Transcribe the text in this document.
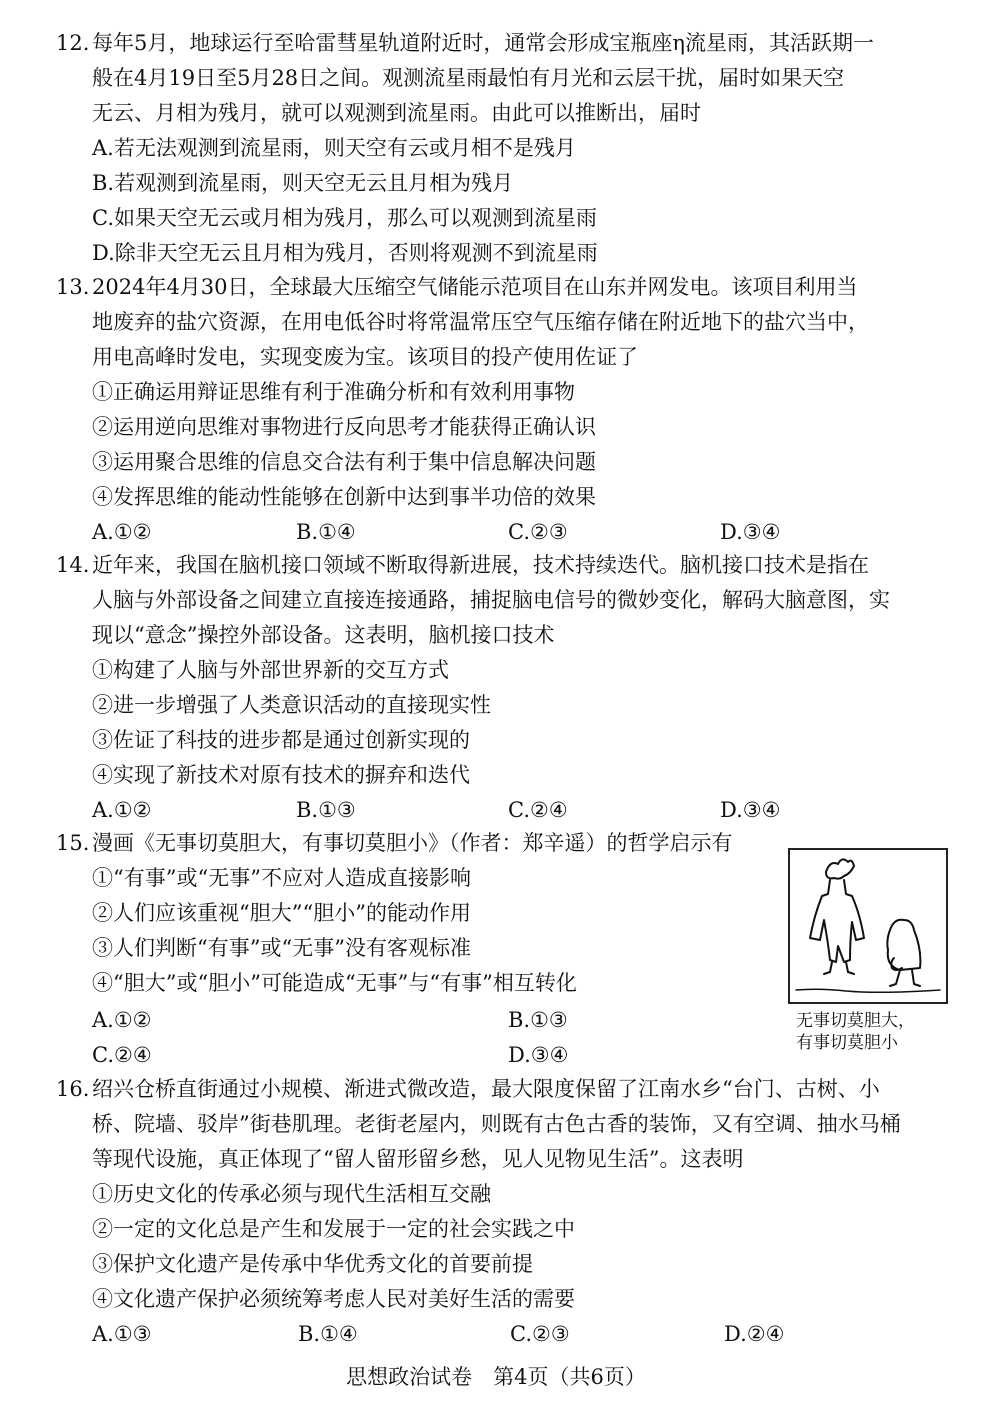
12. 每年5月，地球运行至哈雷彗星轨道附近时，通常会形成宝瓶座η流星雨，其活跃期一
般在4月19日至5月28日之间。观测流星雨最怕有月光和云层干扰，届时如果天空
无云、月相为残月，就可以观测到流星雨。由此可以推断出，届时
A.若无法观测到流星雨，则天空有云或月相不是残月
B.若观测到流星雨，则天空无云且月相为残月
C.如果天空无云或月相为残月，那么可以观测到流星雨
D.除非天空无云且月相为残月，否则将观测不到流星雨
13. 2024年4月30日，全球最大压缩空气储能示范项目在山东并网发电。该项目利用当
地废弃的盐穴资源，在用电低谷时将常温常压空气压缩存储在附近地下的盐穴当中，
用电高峰时发电，实现变废为宝。该项目的投产使用佐证了
①正确运用辩证思维有利于准确分析和有效利用事物
②运用逆向思维对事物进行反向思考才能获得正确认识
③运用聚合思维的信息交合法有利于集中信息解决问题
④发挥思维的能动性能够在创新中达到事半功倍的效果
A.①②	B.①④	C.②③	D.③④
14. 近年来，我国在脑机接口领域不断取得新进展，技术持续迭代。脑机接口技术是指在
人脑与外部设备之间建立直接连接通路，捕捉脑电信号的微妙变化，解码大脑意图，实
现以“意念”操控外部设备。这表明，脑机接口技术
①构建了人脑与外部世界新的交互方式
②进一步增强了人类意识活动的直接现实性
③佐证了科技的进步都是通过创新实现的
④实现了新技术对原有技术的摒弃和迭代
A.①②	B.①③	C.②④	D.③④
15. 漫画《无事切莫胆大，有事切莫胆小》（作者：郑辛遥）的哲学启示有
①“有事”或“无事”不应对人造成直接影响
②人们应该重视“胆大”“胆小”的能动作用
③人们判断“有事”或“无事”没有客观标准
④“胆大”或“胆小”可能造成“无事”与“有事”相互转化
A.①②	B.①③
C.②④	D.③④
无事切莫胆大，
有事切莫胆小
16. 绍兴仓桥直街通过小规模、渐进式微改造，最大限度保留了江南水乡“台门、古树、小
桥、院墙、驳岸”街巷肌理。老街老屋内，则既有古色古香的装饰，又有空调、抽水马桶
等现代设施，真正体现了“留人留形留乡愁，见人见物见生活”。这表明
①历史文化的传承必须与现代生活相互交融
②一定的文化总是产生和发展于一定的社会实践之中
③保护文化遗产是传承中华优秀文化的首要前提
④文化遗产保护必须统筹考虑人民对美好生活的需要
A.①③	B.①④	C.②③	D.②④
思想政治试卷　第4页（共6页）
